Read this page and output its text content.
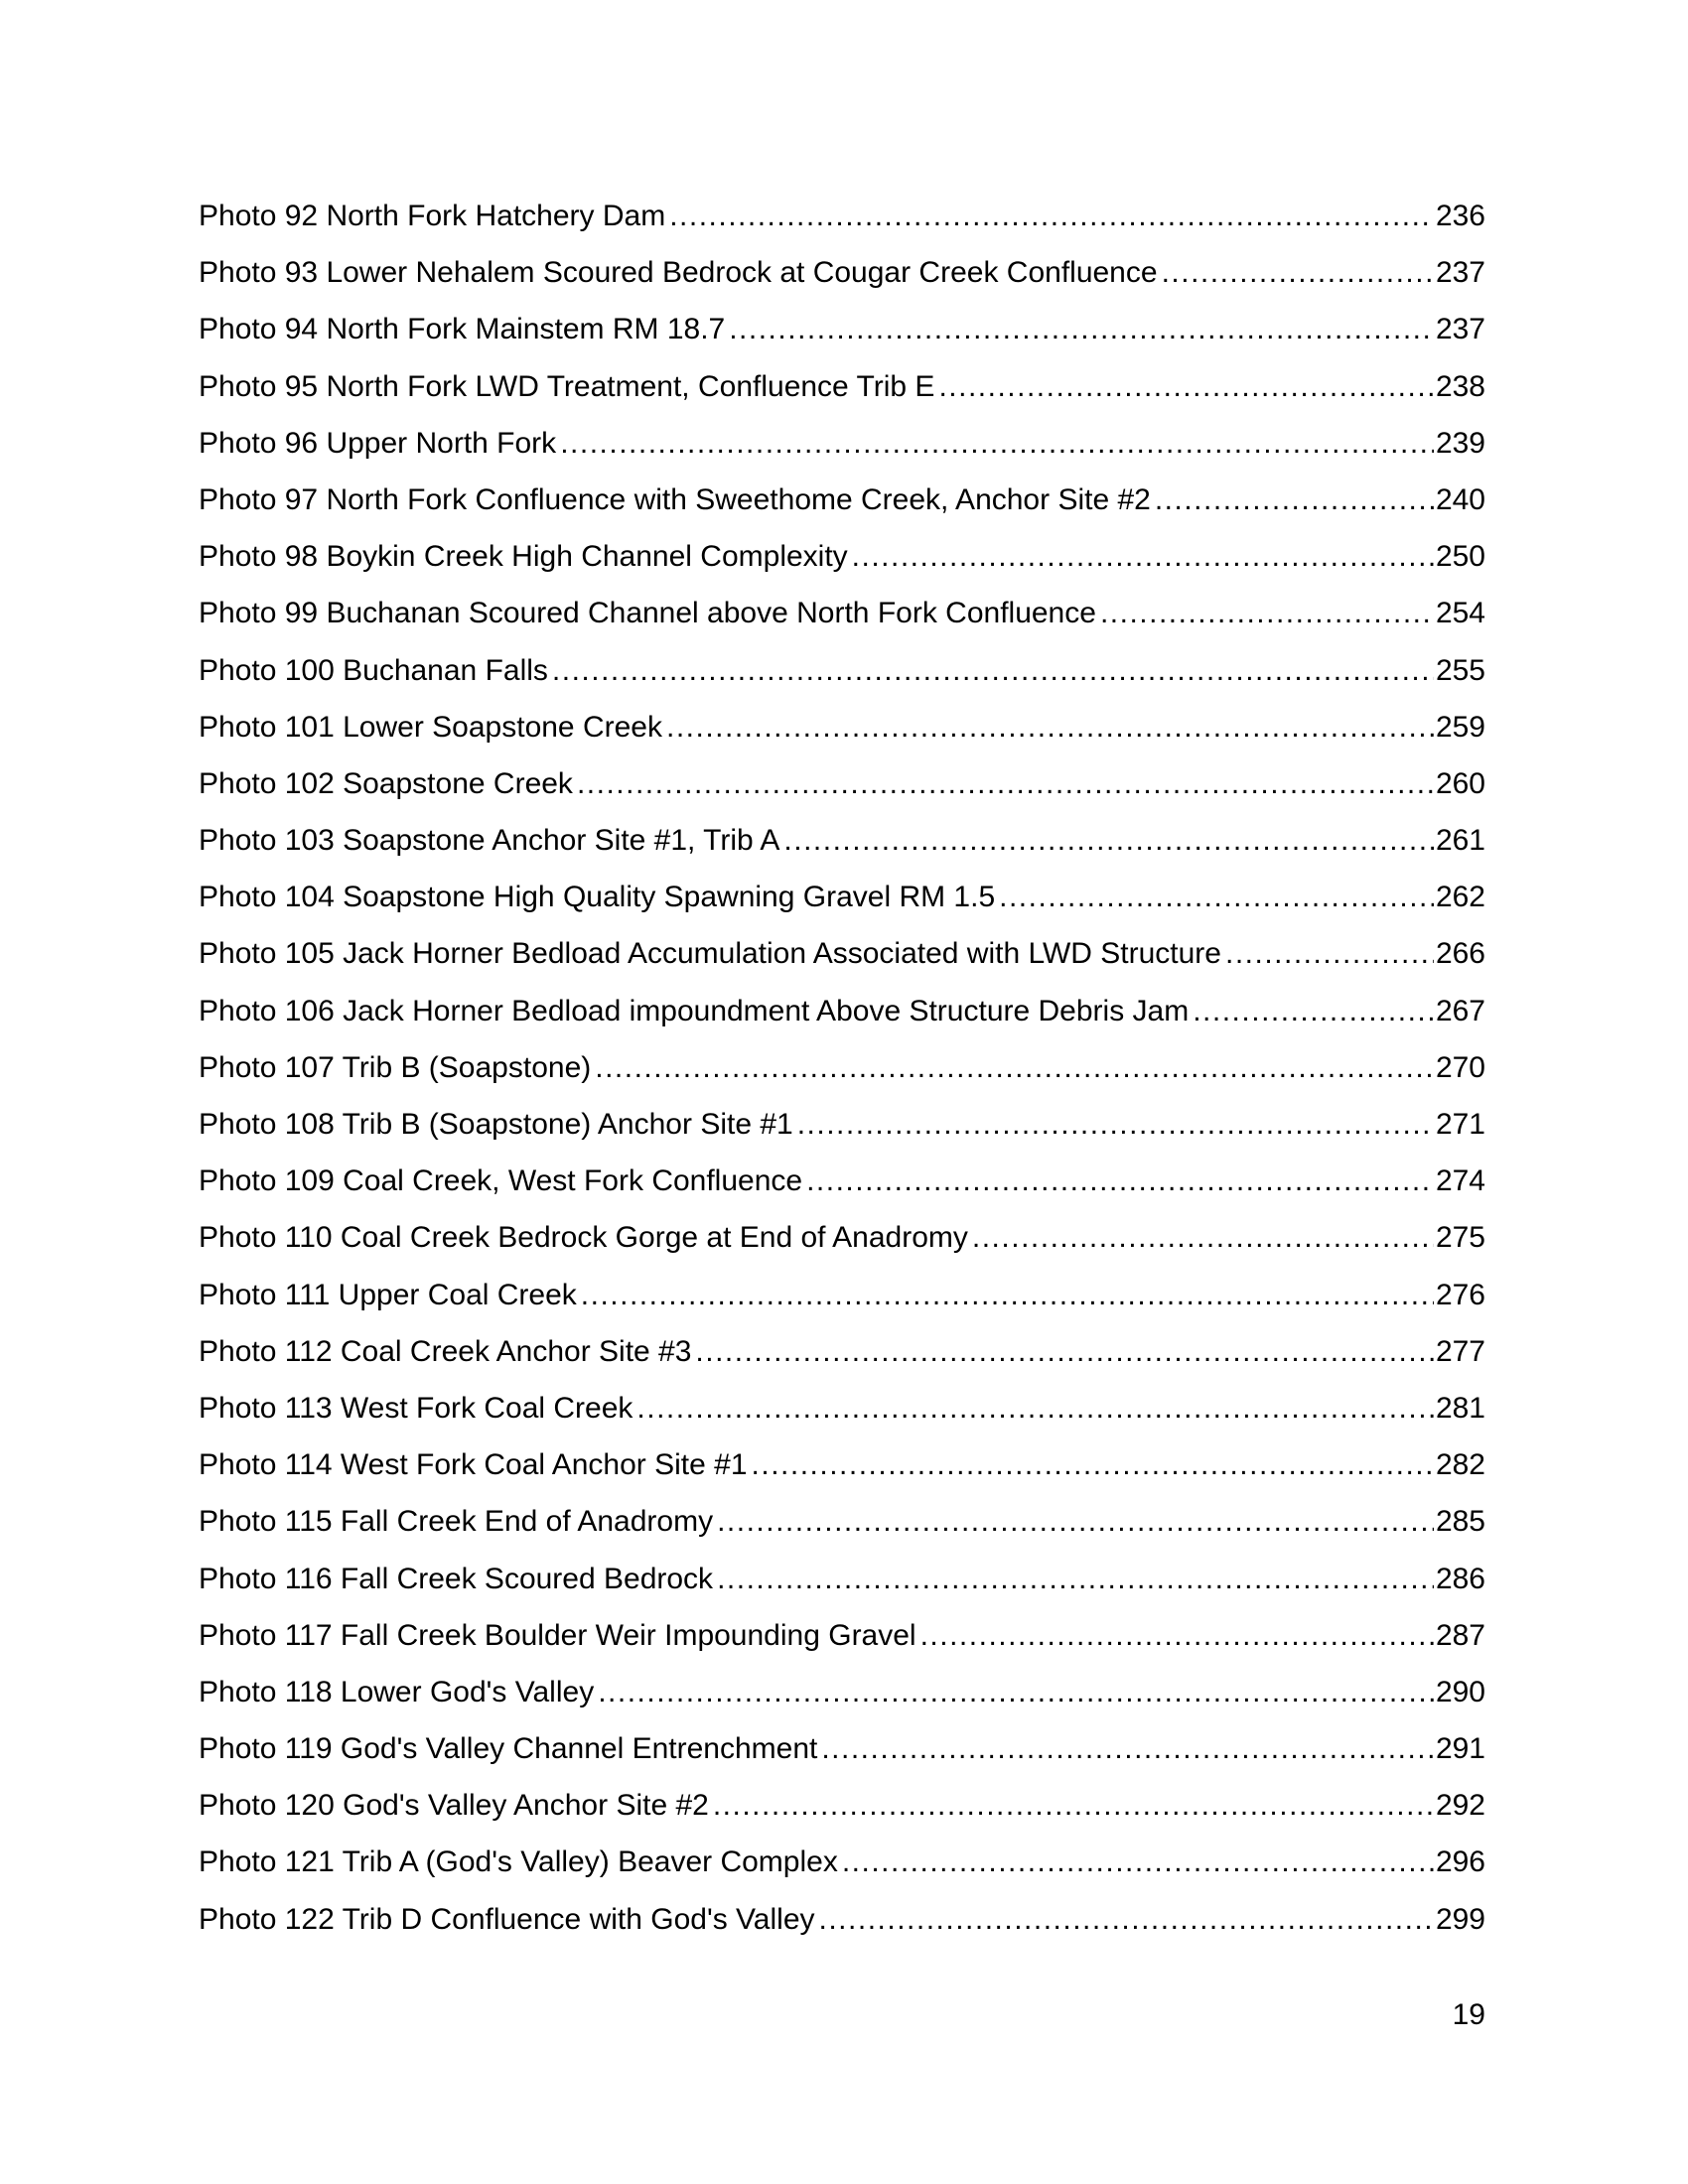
Photo 92 North Fork Hatchery Dam .....	236
Photo 93 Lower Nehalem Scoured Bedrock at Cougar Creek Confluence .....	237
Photo 94 North Fork Mainstem RM 18.7 .....	237
Photo 95 North Fork LWD Treatment, Confluence Trib E .....	238
Photo 96 Upper North Fork .....	239
Photo 97 North Fork Confluence with Sweethome Creek, Anchor Site #2 .....	240
Photo 98 Boykin Creek High Channel Complexity .....	250
Photo 99 Buchanan Scoured Channel above North Fork Confluence .....	254
Photo 100 Buchanan Falls .....	255
Photo 101 Lower Soapstone Creek .....	259
Photo 102 Soapstone Creek .....	260
Photo 103 Soapstone Anchor Site #1, Trib A .....	261
Photo 104 Soapstone High Quality Spawning Gravel RM 1.5 .....	262
Photo 105 Jack Horner Bedload Accumulation Associated with LWD Structure .....	266
Photo 106 Jack Horner Bedload impoundment Above Structure Debris Jam .....	267
Photo 107 Trib B (Soapstone) .....	270
Photo 108 Trib B (Soapstone) Anchor Site #1 .....	271
Photo 109 Coal Creek, West Fork Confluence .....	274
Photo 110 Coal Creek Bedrock Gorge at End of Anadromy .....	275
Photo 111 Upper Coal Creek .....	276
Photo 112 Coal Creek Anchor Site #3 .....	277
Photo 113 West Fork Coal Creek .....	281
Photo 114 West Fork Coal Anchor Site #1 .....	282
Photo 115 Fall Creek End of Anadromy .....	285
Photo 116 Fall Creek Scoured Bedrock .....	286
Photo 117 Fall Creek Boulder Weir Impounding Gravel .....	287
Photo 118 Lower God's Valley .....	290
Photo 119 God's Valley Channel Entrenchment .....	291
Photo 120 God's Valley Anchor Site #2 .....	292
Photo 121 Trib A (God's Valley) Beaver Complex .....	296
Photo 122 Trib D Confluence with God's Valley .....	299
19
